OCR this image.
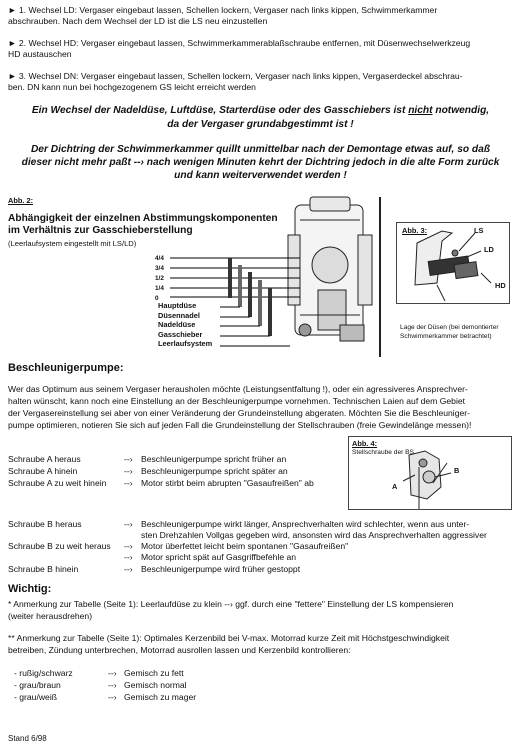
► 1. Wechsel LD: Vergaser eingebaut lassen, Schellen lockern, Vergaser nach links kippen, Schwimmerkammer
abschrauben. Nach dem Wechsel der LD ist die LS neu einzustellen
► 2. Wechsel HD: Vergaser eingebaut lassen, Schwimmerkammerablaßschraube entfernen, mit Düsenwechselwerkzeug
HD austauschen
► 3. Wechsel DN: Vergaser eingebaut lassen, Schellen lockern, Vergaser nach links kippen, Vergaserdeckel abschrau-
ben. DN kann nun bei hochgezogenem GS leicht erreicht werden
Ein Wechsel der Nadeldüse, Luftdüse, Starterdüse oder des Gasschiebers ist nicht notwendig,
da der Vergaser grundabgestimmt ist !
Der Dichtring der Schwimmerkammer quillt unmittelbar nach der Demontage etwas auf, so daß
dieser nicht mehr paßt --› nach wenigen Minuten kehrt der Dichtring jedoch in die alte Form zurück
und kann weiterverwendet werden !
Abb. 2:
Abhängigkeit der einzelnen Abstimmungskomponenten
im Verhältnis zur Gasschieberstellung
(Leerlaufsystem eingestellt mit LS/LD)
4/4
3/4
1/2
1/4
0
Hauptdüse
Düsennadel
Nadeldüse
Gasschieber
Leerlaufsystem
Abb. 3:	LS
LD
HD
Lage der Düsen (bei demontierter
Schwimmerkammer betrachtet)
Beschleunigerpumpe:
Wer das Optimum aus seinem Vergaser herausholen möchte (Leistungsentfaltung !), oder ein agressiveres Ansprechver-
halten wünscht, kann noch eine Einstellung an der Beschleunigerpumpe vornehmen. Technischen Laien auf dem Gebiet
der Vergasereinstellung sei aber von einer Veränderung der Grundeinstellung abgeraten. Möchten Sie die Beschleuniger-
pumpe optimieren, notieren Sie sich auf jeden Fall die Grundeinstellung der Stellschrauben (freie Gewindelänge messen)!
Schraube A heraus	--› Beschleunigerpumpe spricht früher an
Schraube A hinein	--› Beschleunigerpumpe spricht später an
Schraube A zu weit hinein --› Motor stirbt beim abrupten "Gasaufreißen" ab
Abb. 4:
Stellschraube der BS
A
B
Schraube B heraus	--› Beschleunigerpumpe wirkt länger, Ansprechverhalten wird schlechter, wenn aus unter-
sten Drehzahlen Vollgas gegeben wird, ansonsten wird das Ansprechverhalten aggressiver
Schraube B zu weit heraus --› Motor überfettet leicht beim spontanen "Gasaufreißen"
--› Motor spricht spät auf Gasgriffbefehle an
Schraube B hinein	--› Beschleunigerpumpe wird früher gestoppt
Wichtig:
* Anmerkung zur Tabelle (Seite 1): Leerlaufdüse zu klein --› ggf. durch eine "fettere" Einstellung der LS kompensieren
(weiter herausdrehen)
** Anmerkung zur Tabelle (Seite 1): Optimales Kerzenbild bei V-max. Motorrad kurze Zeit mit Höchstgeschwindigkeit
betreiben, Zündung unterbrechen, Motorrad ausrollen lassen und Kerzenbild kontrollieren:
- rußig/schwarz	--› Gemisch zu fett
- grau/braun	--› Gemisch normal
- grau/weiß	--› Gemisch zu mager
Stand 6/98
